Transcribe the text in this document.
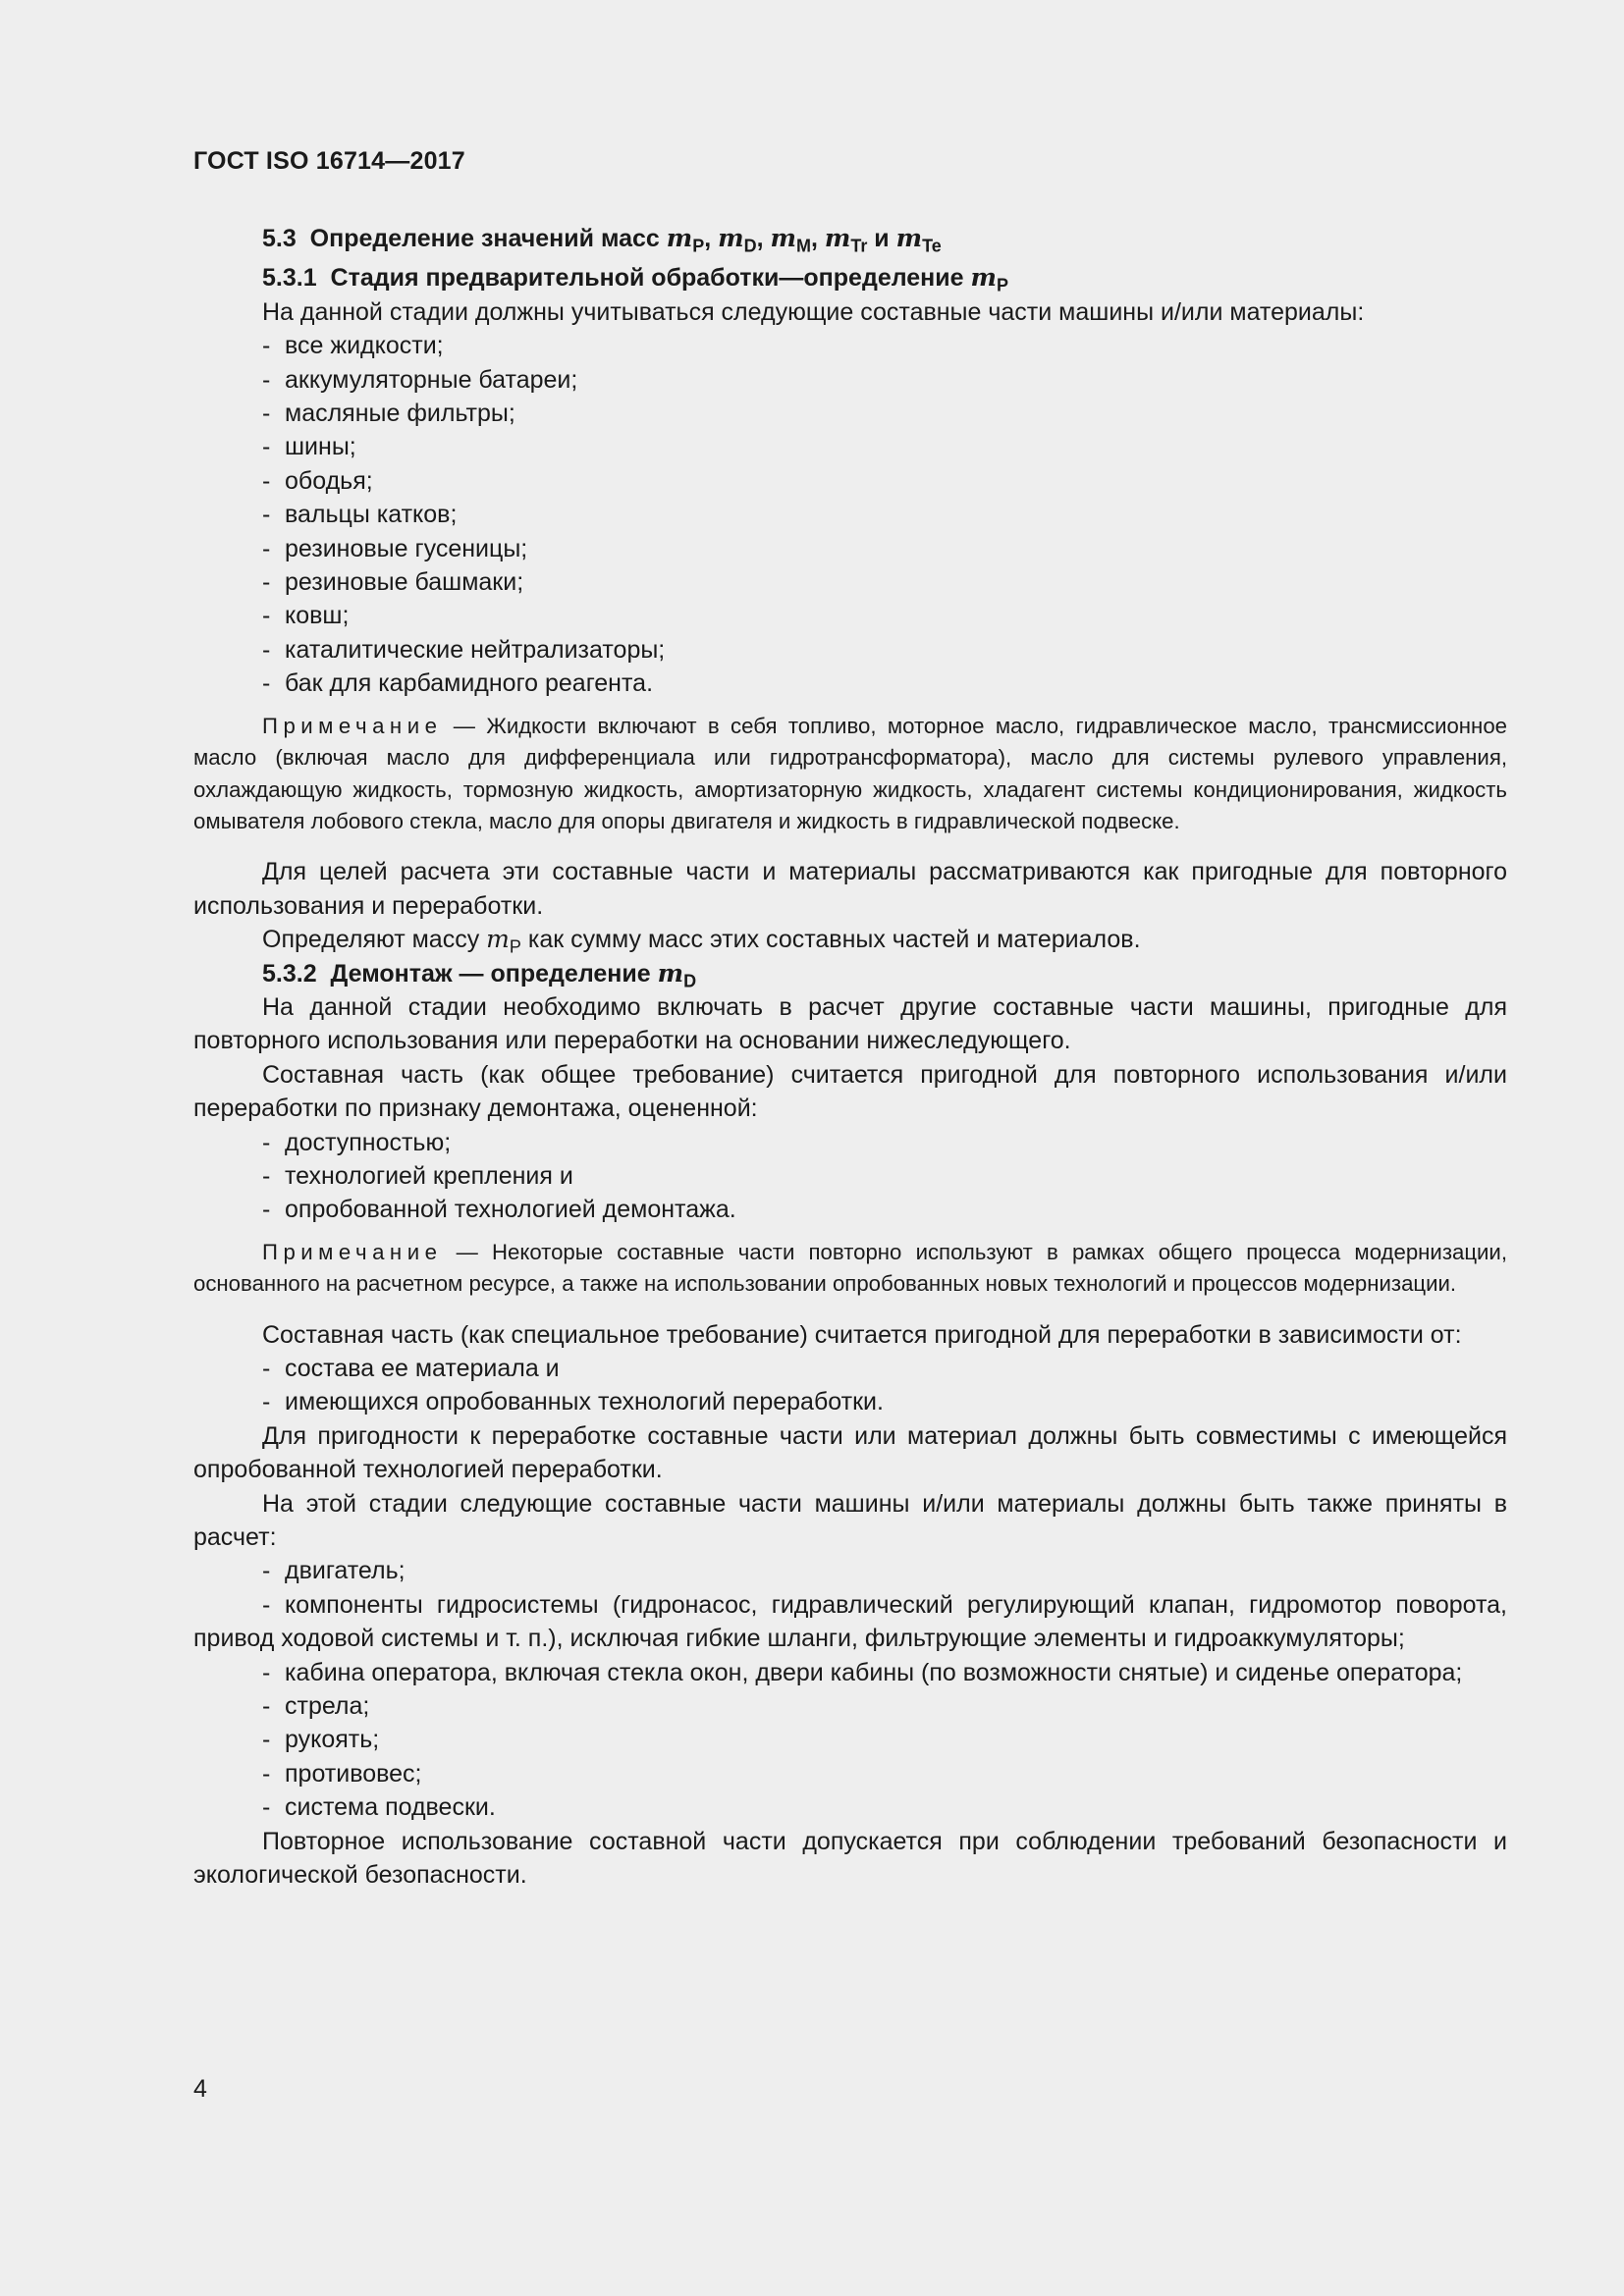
ГОСТ ISO 16714—2017

5.3 Определение значений масс $m_P$, $m_D$, $m_M$, $m_{Tr}$ и $m_{Te}$

5.3.1 Стадия предварительной обработки—определение $m_P$

На данной стадии должны учитываться следующие составные части машины и/или материалы:

- все жидкости;

- аккумуляторные батареи;

- масляные фильтры;

- шины;

- ободья;

- вальцы катков;

- резиновые гусеницы;

- резиновые башмаки;

- ковш;

- каталитические нейтрализаторы;

- бак для карбамидного реагента.

Примечание — Жидкости включают в себя топливо, моторное масло, гидравлическое масло, трансмиссионное масло (включая масло для дифференциала или гидротрансформатора), масло для системы рулевого управления, охлаждающую жидкость, тормозную жидкость, амортизаторную жидкость, хладагент системы кондиционирования, жидкость омывателя лобового стекла, масло для опоры двигателя и жидкость в гидравлической подвеске.

Для целей расчета эти составные части и материалы рассматриваются как пригодные для повторного использования и переработки.

Определяют массу $m_P$ как сумму масс этих составных частей и материалов.

5.3.2 Демонтаж — определение $m_D$

На данной стадии необходимо включать в расчет другие составные части машины, пригодные для повторного использования или переработки на основании нижеследующего.

Составная часть (как общее требование) считается пригодной для повторного использования и/или переработки по признаку демонтажа, оцененной:

- доступностью;

- технологией крепления и

- опробованной технологией демонтажа.

Примечание — Некоторые составные части повторно используют в рамках общего процесса модернизации, основанного на расчетном ресурсе, а также на использовании опробованных новых технологий и процессов модернизации.

Составная часть (как специальное требование) считается пригодной для переработки в зависимости от:

- состава ее материала и

- имеющихся опробованных технологий переработки.

Для пригодности к переработке составные части или материал должны быть совместимы с имеющейся опробованной технологией переработки.

На этой стадии следующие составные части машины и/или материалы должны быть также приняты в расчет:

- двигатель;

- компоненты гидросистемы (гидронасос, гидравлический регулирующий клапан, гидромотор поворота, привод ходовой системы и т. п.), исключая гибкие шланги, фильтрующие элементы и гидроаккумуляторы;

- кабина оператора, включая стекла окон, двери кабины (по возможности снятые) и сиденье оператора;

- стрела;

- рукоять;

- противовес;

- система подвески.

Повторное использование составной части допускается при соблюдении требований безопасности и экологической безопасности.

4
